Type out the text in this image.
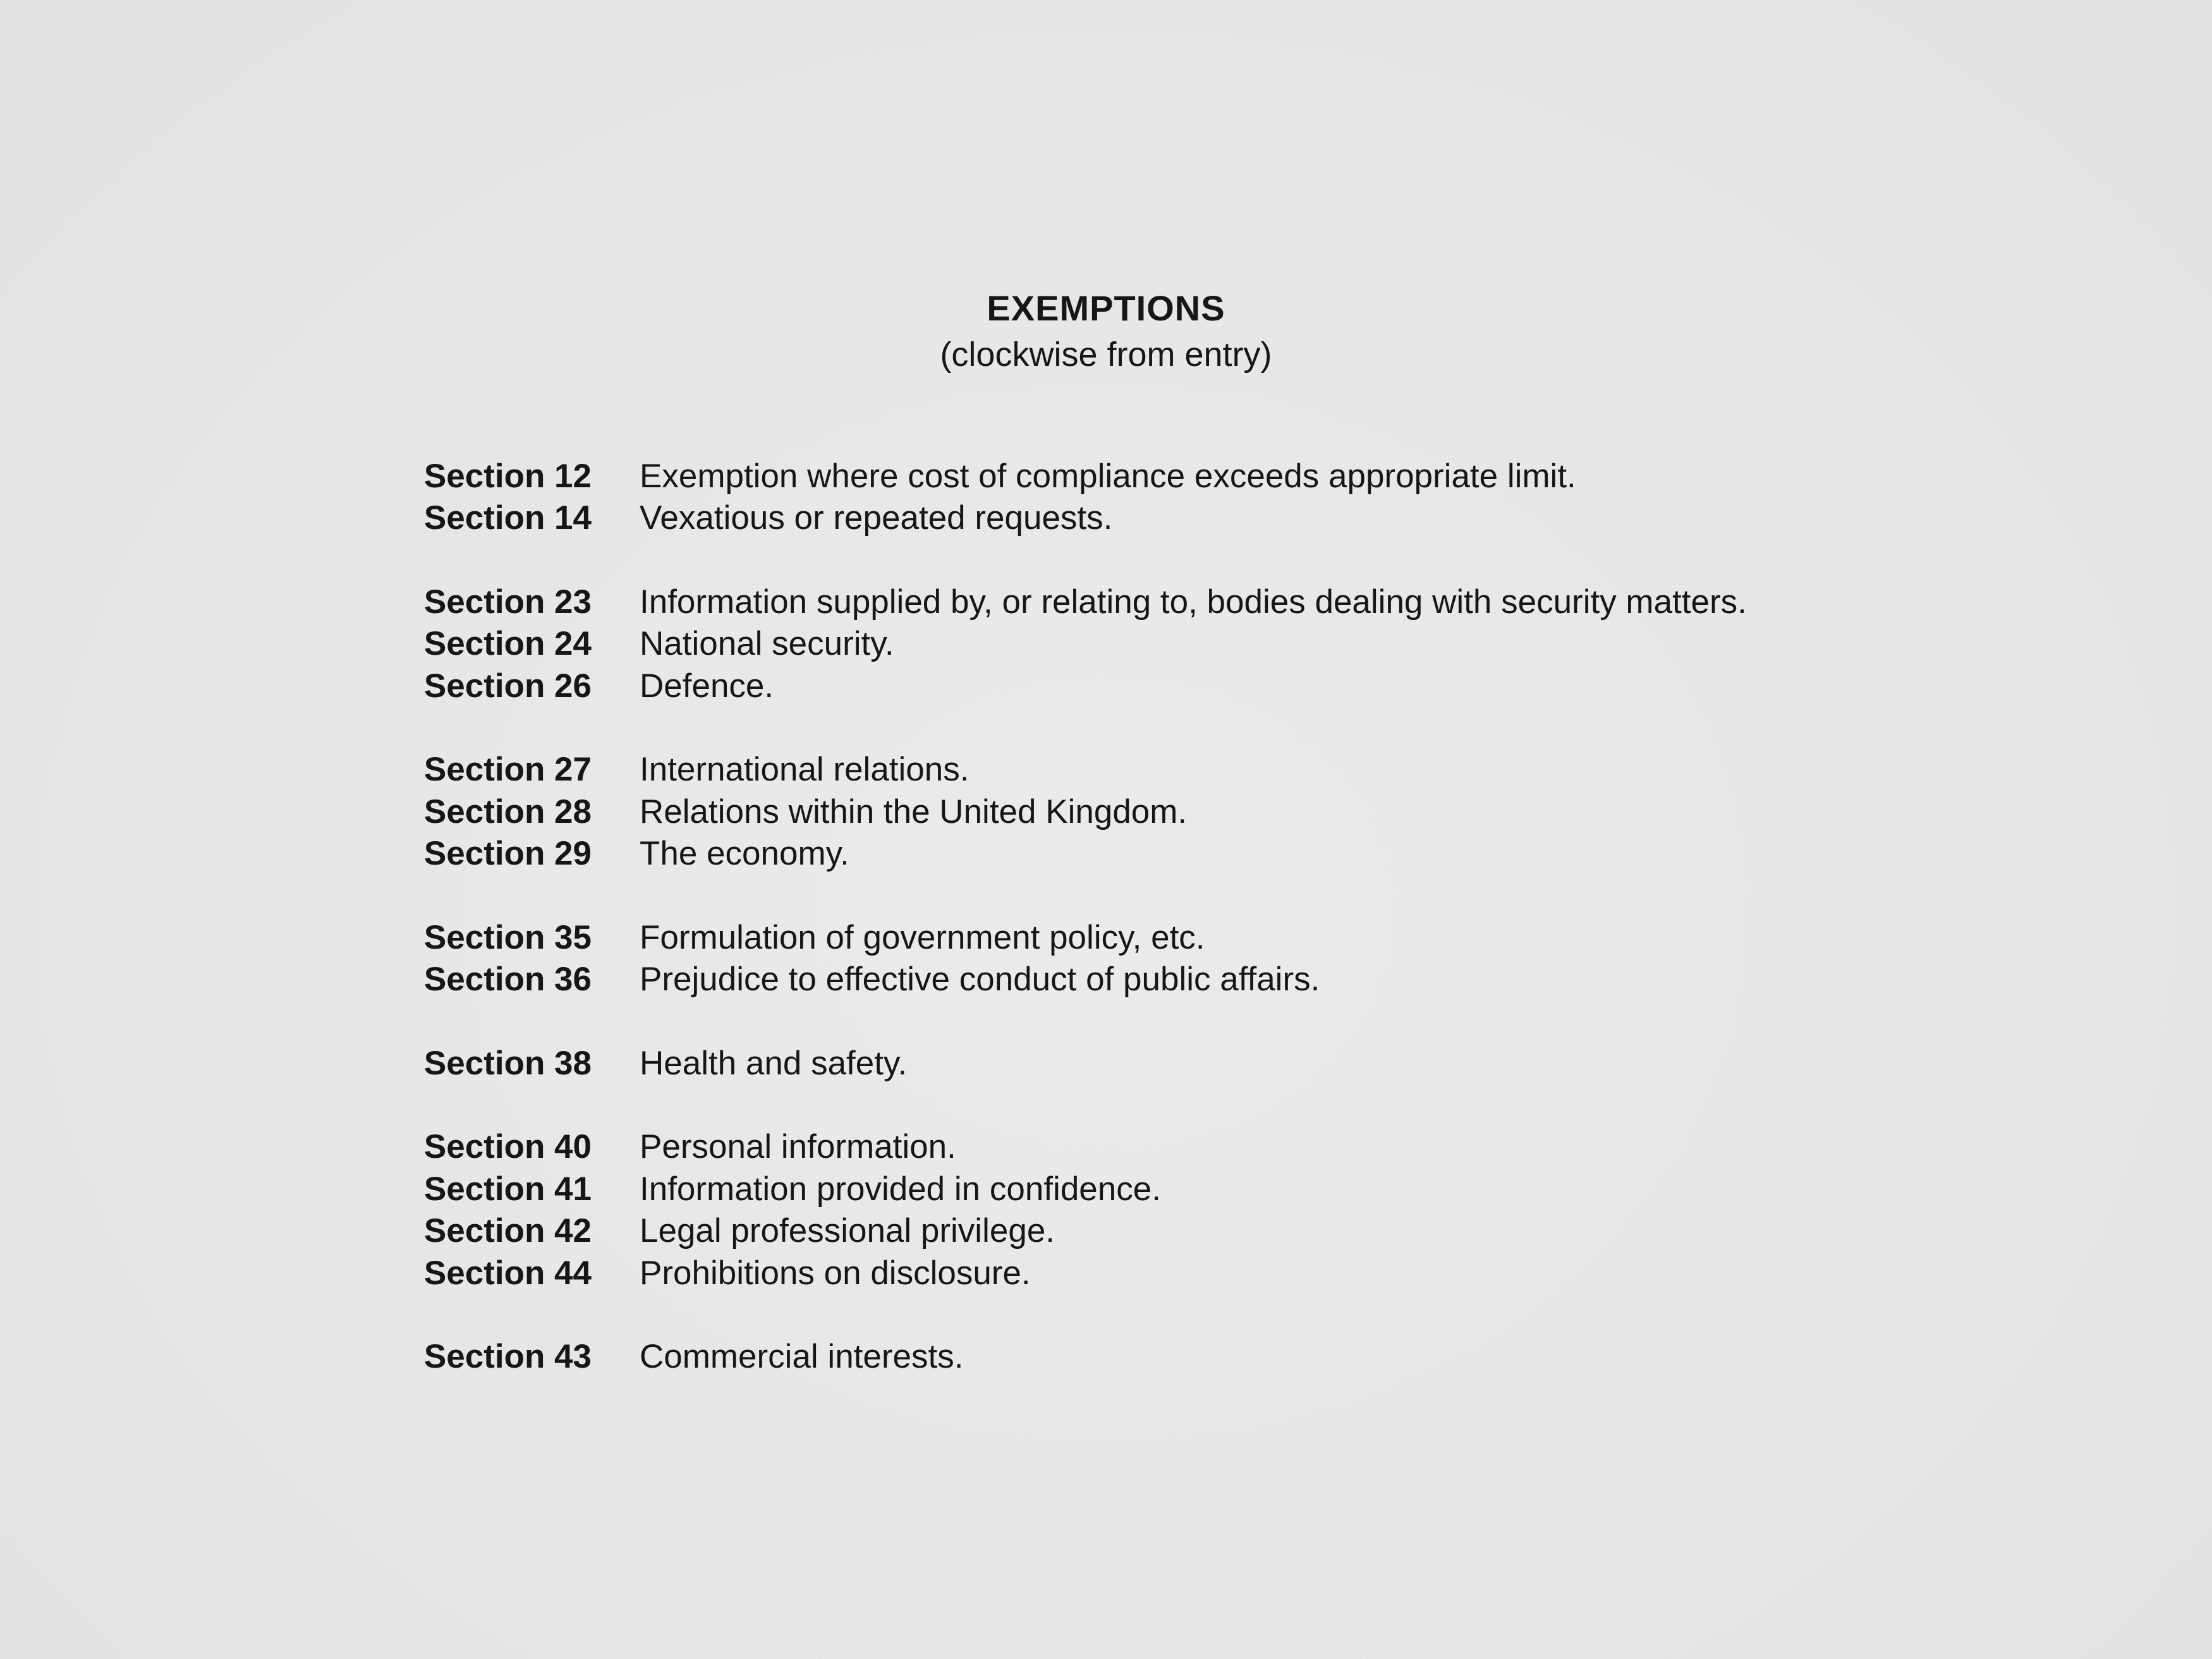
EXEMPTIONS
(clockwise from entry)
Section 12 Exemption where cost of compliance exceeds appropriate limit.
Section 14 Vexatious or repeated requests.
Section 23 Information supplied by, or relating to, bodies dealing with security matters.
Section 24 National security.
Section 26 Defence.
Section 27 International relations.
Section 28 Relations within the United Kingdom.
Section 29 The economy.
Section 35 Formulation of government policy, etc.
Section 36 Prejudice to effective conduct of public affairs.
Section 38 Health and safety.
Section 40 Personal information.
Section 41 Information provided in confidence.
Section 42 Legal professional privilege.
Section 44 Prohibitions on disclosure.
Section 43 Commercial interests.
